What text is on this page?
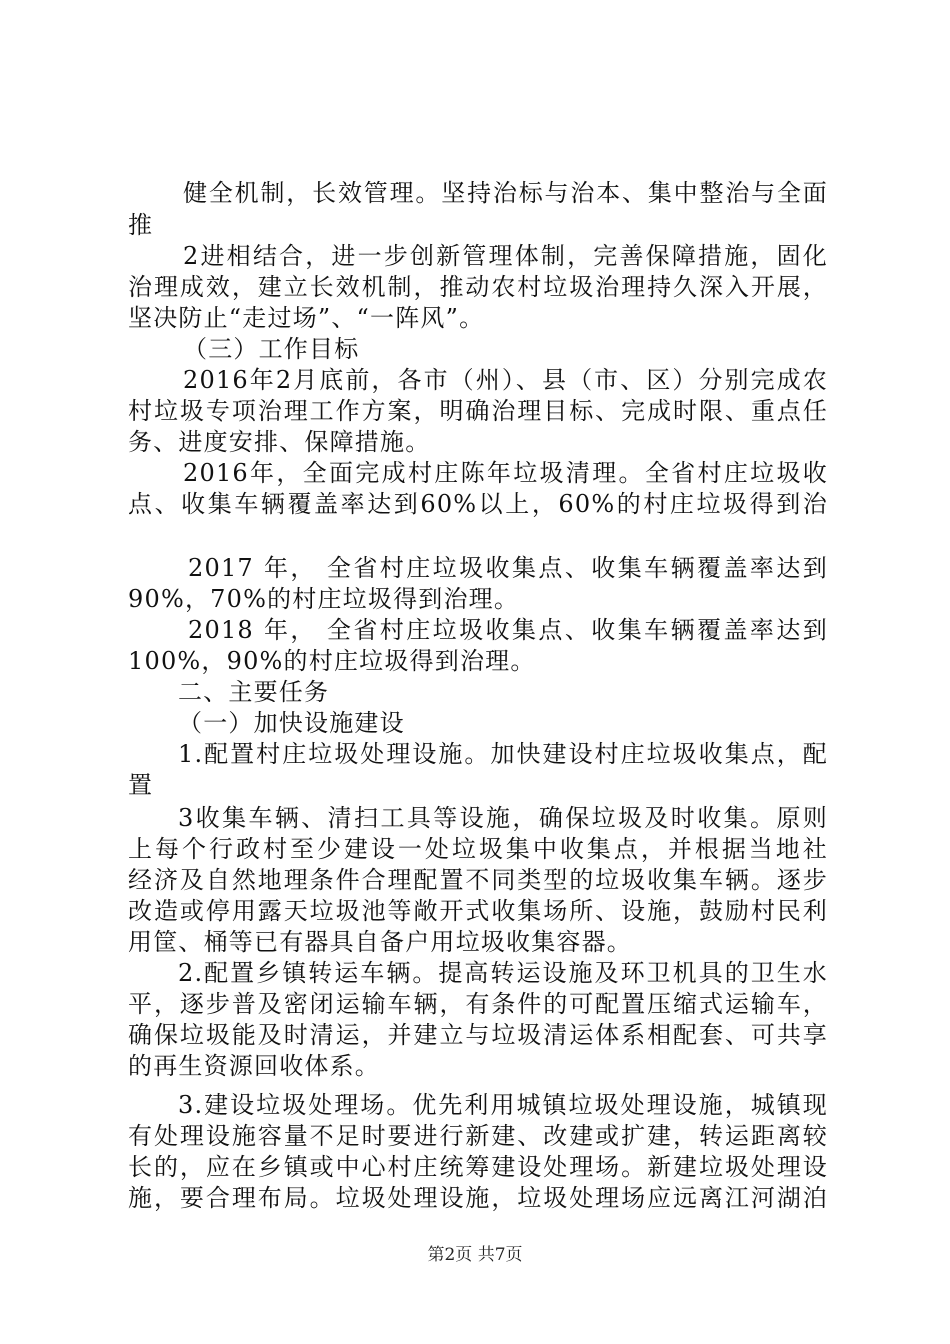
健全机制，长效管理。坚持治标与治本、集中整治与全面
推
2进相结合，进一步创新管理体制，完善保障措施，固化
治理成效，建立长效机制，推动农村垃圾治理持久深入开展，
坚决防止“走过场”、“一阵风”。
（三）工作目标
2016年2月底前，各市（州）、县（市、区）分别完成农
村垃圾专项治理工作方案，明确治理目标、完成时限、重点任
务、进度安排、保障措施。
2016年，全面完成村庄陈年垃圾清理。全省村庄垃圾收
点、收集车辆覆盖率达到60%以上，60%的村庄垃圾得到治
2017 年， 全省村庄垃圾收集点、收集车辆覆盖率达到
90%，70%的村庄垃圾得到治理。
2018 年， 全省村庄垃圾收集点、收集车辆覆盖率达到
100%，90%的村庄垃圾得到治理。
二、主要任务
（一）加快设施建设
1.配置村庄垃圾处理设施。加快建设村庄垃圾收集点，配
置
3收集车辆、清扫工具等设施，确保垃圾及时收集。原则
上每个行政村至少建设一处垃圾集中收集点，并根据当地社
经济及自然地理条件合理配置不同类型的垃圾收集车辆。逐步
改造或停用露天垃圾池等敞开式收集场所、设施，鼓励村民利
用筐、桶等已有器具自备户用垃圾收集容器。
2.配置乡镇转运车辆。提高转运设施及环卫机具的卫生水
平，逐步普及密闭运输车辆，有条件的可配置压缩式运输车，
确保垃圾能及时清运，并建立与垃圾清运体系相配套、可共享
的再生资源回收体系。
3.建设垃圾处理场。优先利用城镇垃圾处理设施，城镇现
有处理设施容量不足时要进行新建、改建或扩建，转运距离较
长的，应在乡镇或中心村庄统筹建设处理场。新建垃圾处理设
施，要合理布局。垃圾处理设施，垃圾处理场应远离江河湖泊
第2页 共7页
